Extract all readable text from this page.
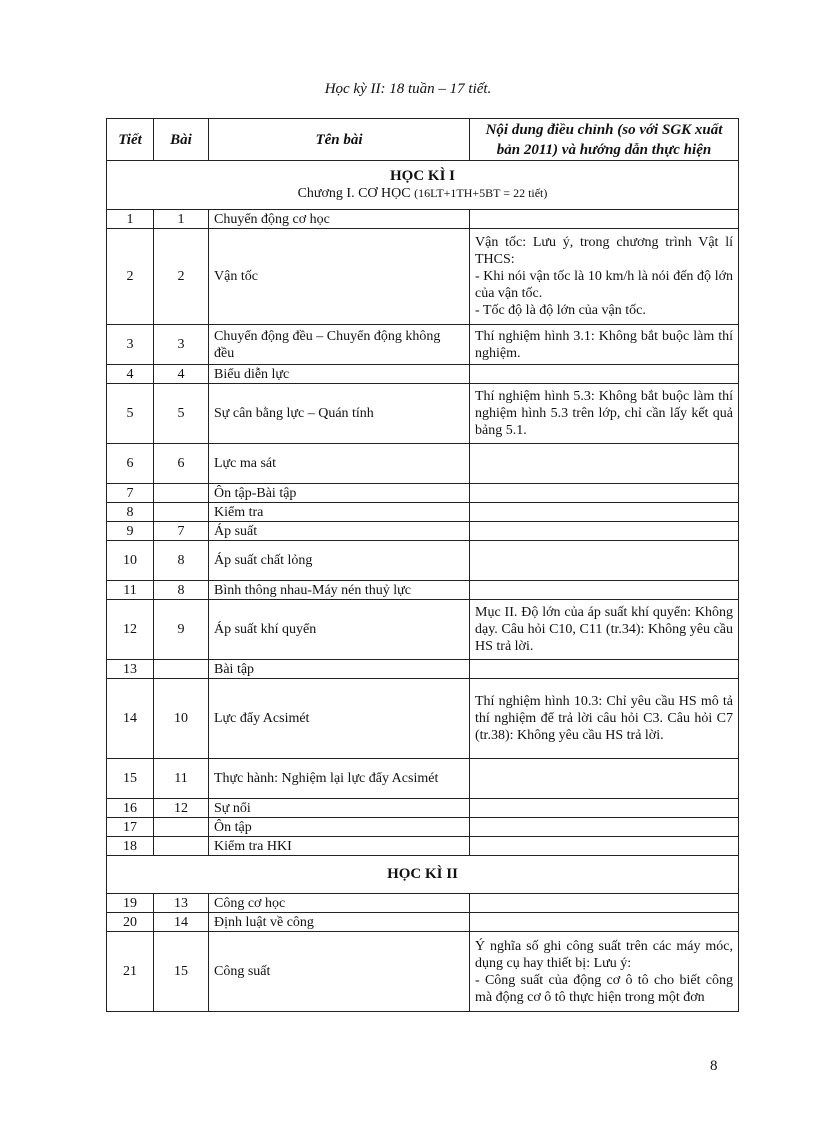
Học kỳ II: 18 tuần – 17 tiết.
Tiết	Bài	Tên bài	Nội dung điều chỉnh (so với SGK xuất bản 2011) và hướng dẫn thực hiện

HỌC KÌ I
Chương I. CƠ HỌC (16LT+1TH+5BT = 22 tiết)			

1	1	Chuyển động cơ học	
2	2	Vận tốc	Vận tốc: Lưu ý, trong chương trình Vật lí THCS:
- Khi nói vận tốc là 10 km/h là nói đến độ lớn của vận tốc.
- Tốc độ là độ lớn của vận tốc.
3	3	Chuyển động đều – Chuyển động không đều	Thí nghiệm hình 3.1: Không bắt buộc làm thí nghiệm.
4	4	Biểu diễn lực	
5	5	Sự cân bằng lực – Quán tính	Thí nghiệm hình 5.3: Không bắt buộc làm thí nghiệm hình 5.3 trên lớp, chỉ cần lấy kết quả bảng 5.1.
6	6	Lực ma sát	
7		Ôn tập-Bài tập	
8		Kiểm tra	
9	7	Áp suất	
10	8	Áp suất chất lỏng	
11	8	Bình thông nhau-Máy nén thuỷ lực	
12	9	Áp suất khí quyển	Mục II. Độ lớn của áp suất khí quyển: Không dạy. Câu hỏi C10, C11 (tr.34): Không yêu cầu HS trả lời.
13		Bài tập	
14	10	Lực đẩy Acsimét	Thí nghiệm hình 10.3: Chỉ yêu cầu HS mô tả thí nghiệm để trả lời câu hỏi C3. Câu hỏi C7 (tr.38): Không yêu cầu HS trả lời.
15	11	Thực hành: Nghiệm lại lực đẩy Acsimét	
16	12	Sự nổi	
17		Ôn tập	
18		Kiểm tra HKI	

HỌC KÌ II			

19	13	Công cơ học	
20	14	Định luật về công	
21	15	Công suất	Ý nghĩa số ghi công suất trên các máy móc, dụng cụ hay thiết bị: Lưu ý:
- Công suất của động cơ ô tô cho biết công mà động cơ ô tô thực hiện trong một đơn
8
